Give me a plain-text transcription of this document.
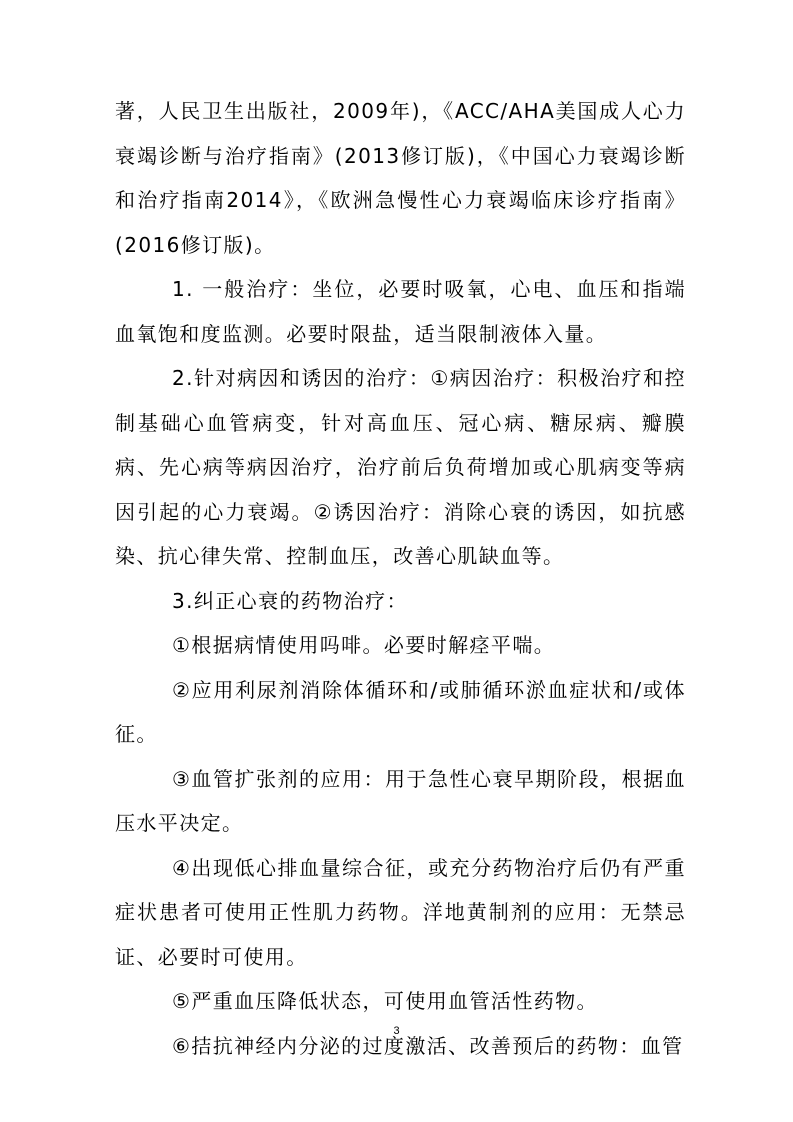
著，人民卫生出版社，2009年)，《ACC/AHA美国成人心力衰竭诊断与治疗指南》(2013修订版)，《中国心力衰竭诊断和治疗指南2014》，《欧洲急慢性心力衰竭临床诊疗指南》(2016修订版)。

1. 一般治疗：坐位，必要时吸氧，心电、血压和指端血氧饱和度监测。必要时限盐，适当限制液体入量。

2.针对病因和诱因的治疗：①病因治疗：积极治疗和控制基础心血管病变，针对高血压、冠心病、糖尿病、瓣膜病、先心病等病因治疗，治疗前后负荷增加或心肌病变等病因引起的心力衰竭。②诱因治疗：消除心衰的诱因，如抗感染、抗心律失常、控制血压，改善心肌缺血等。

3.纠正心衰的药物治疗：

①根据病情使用吗啡。必要时解痉平喘。

②应用利尿剂消除体循环和/或肺循环淤血症状和/或体征。

③血管扩张剂的应用：用于急性心衰早期阶段，根据血压水平决定。

④出现低心排血量综合征，或充分药物治疗后仍有严重症状患者可使用正性肌力药物。洋地黄制剂的应用：无禁忌证、必要时可使用。

⑤严重血压降低状态，可使用血管活性药物。

⑥拮抗神经内分泌的过度激活、改善预后的药物：血管

3
